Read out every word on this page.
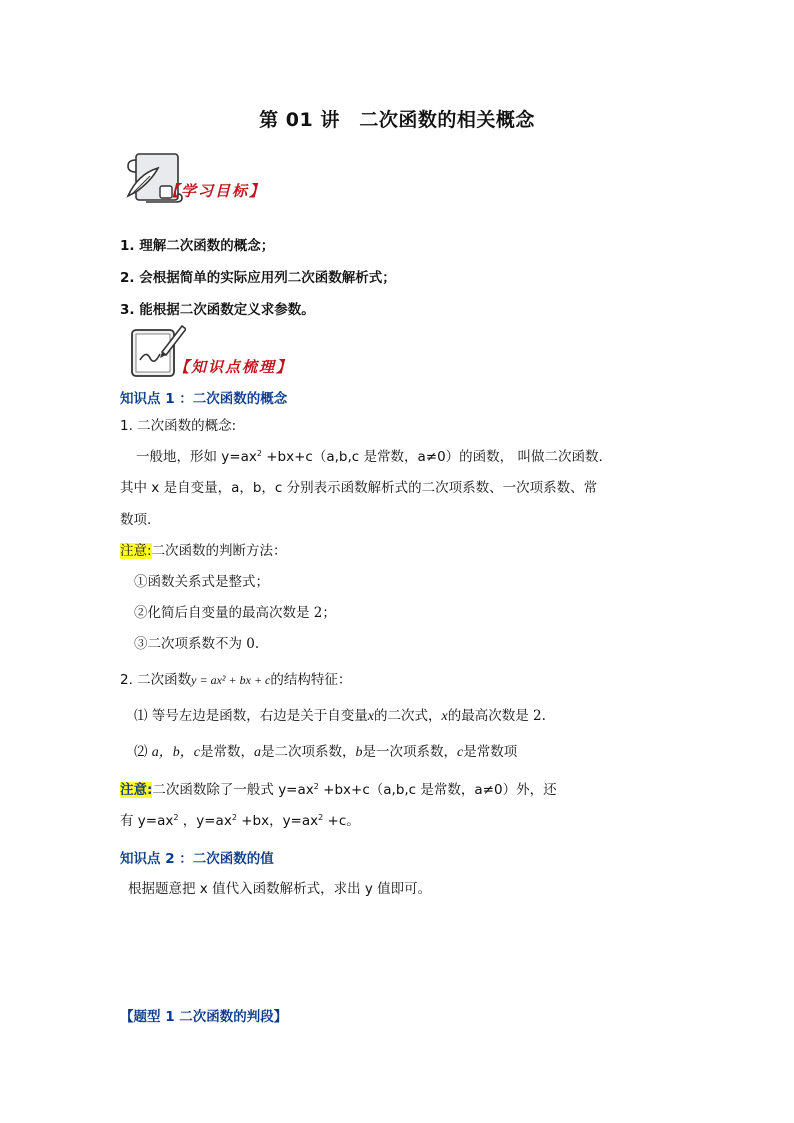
第 01 讲　二次函数的相关概念
【学习目标】
1. 理解二次函数的概念；
2. 会根据简单的实际应用列二次函数解析式；
3. 能根据二次函数定义求参数。
【知识点梳理】
知识点 1 ：二次函数的概念
1. 二次函数的概念:
一般地，形如 $y=ax^2 +bx+c(a,b,c$ 是常数，a≠0）的函数， 叫做二次函数.
其中 x 是自变量，a，b，c 分别表示函数解析式的二次项系数、一次项系数、常
数项.
注意:二次函数的判断方法：
①函数关系式是整式；
②化简后自变量的最高次数是 2；
③二次项系数不为 0.
2. 二次函数y = ax² + bx + c的结构特征：
⑴ 等号左边是函数，右边是关于自变量x的二次式，x的最高次数是 2.
⑵ a，b，c是常数，a是二次项系数，b是一次项系数，c是常数项
注意:二次函数除了一般式 $y=ax^2 +bx+c(a,b,c$ 是常数，a≠0）外，还
有 $y=ax^2$ ，$y=ax^2 +bx$，$y=ax^2 +c$。
知识点 2 ：二次函数的值
根据题意把 x 值代入函数解析式，求出 y 值即可。
【题型 1 二次函数的判段】
